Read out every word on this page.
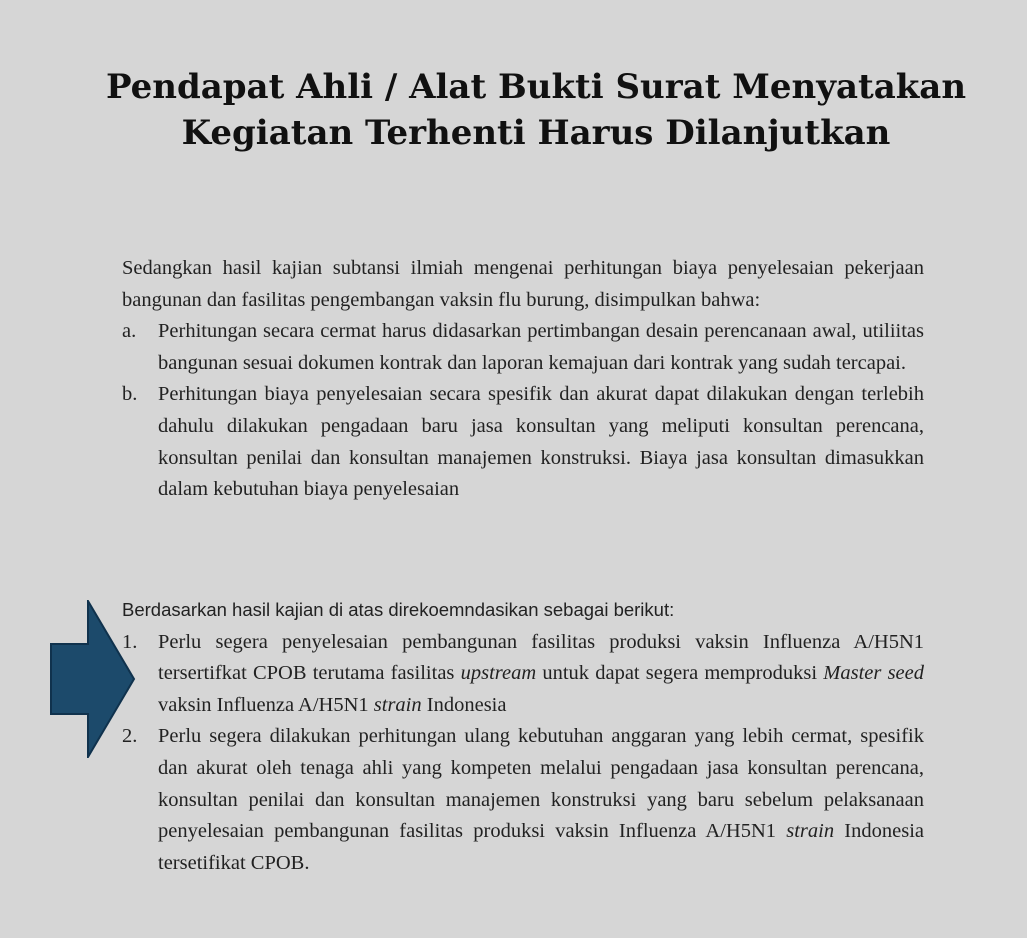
Pendapat Ahli / Alat Bukti Surat Menyatakan
Kegiatan Terhenti Harus Dilanjutkan

Sedangkan hasil kajian subtansi ilmiah mengenai perhitungan biaya penyelesaian pekerjaan bangunan dan fasilitas pengembangan vaksin flu burung, disimpulkan bahwa:

a. Perhitungan secara cermat harus didasarkan pertimbangan desain perencanaan awal, utiliitas bangunan sesuai dokumen kontrak dan laporan kemajuan dari kontrak yang sudah tercapai.
b. Perhitungan biaya penyelesaian secara spesifik dan akurat dapat dilakukan dengan terlebih dahulu dilakukan pengadaan baru jasa konsultan yang meliputi konsultan perencana, konsultan penilai dan konsultan manajemen konstruksi. Biaya jasa konsultan dimasukkan dalam kebutuhan biaya penyelesaian

Berdasarkan hasil kajian di atas direkoemndasikan sebagai berikut:

1. Perlu segera penyelesaian pembangunan fasilitas produksi vaksin Influenza A/H5N1 tersertifkat CPOB terutama fasilitas upstream untuk dapat segera memproduksi Master seed vaksin Influenza A/H5N1 strain Indonesia
2. Perlu segera dilakukan perhitungan ulang kebutuhan anggaran yang lebih cermat, spesifik dan akurat oleh tenaga ahli yang kompeten melalui pengadaan jasa konsultan perencana, konsultan penilai dan konsultan manajemen konstruksi yang baru sebelum pelaksanaan penyelesaian pembangunan fasilitas produksi vaksin Influenza A/H5N1 strain Indonesia tersetifikat CPOB.
